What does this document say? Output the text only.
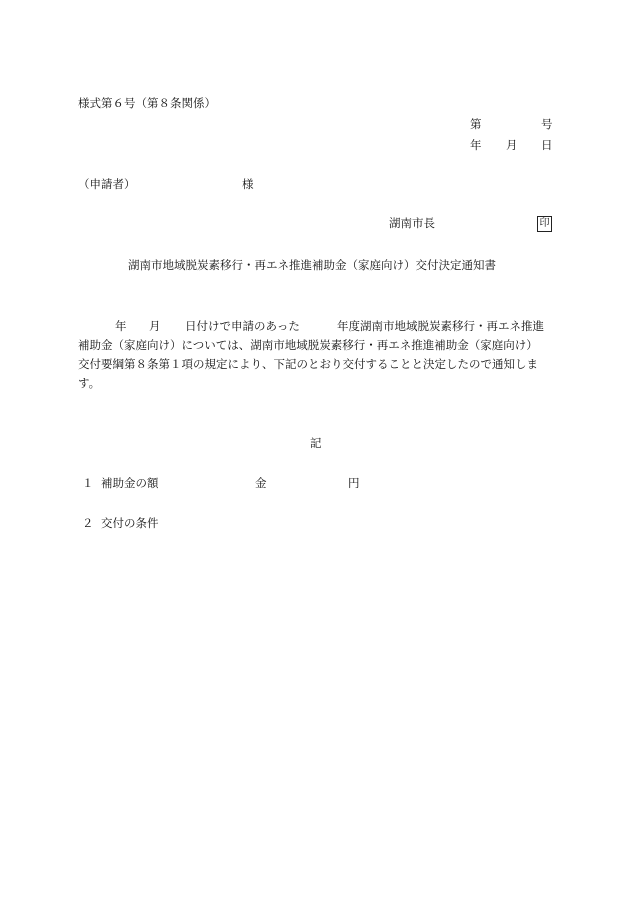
様式第６号（第８条関係）
第	号
年 月 日
（申請者）	様
湖南市長	印
湖南市地域脱炭素移行・再エネ推進補助金（家庭向け）交付決定通知書
年 月 日付けで申請のあった	年度湖南市地域脱炭素移行・再エネ推進
補助金（家庭向け）については、湖南市地域脱炭素移行・再エネ推進補助金（家庭向け）
交付要綱第８条第１項の規定により、下記のとおり交付することと決定したので通知しま
す。
記
１ 補助金の額	金	円
２ 交付の条件
